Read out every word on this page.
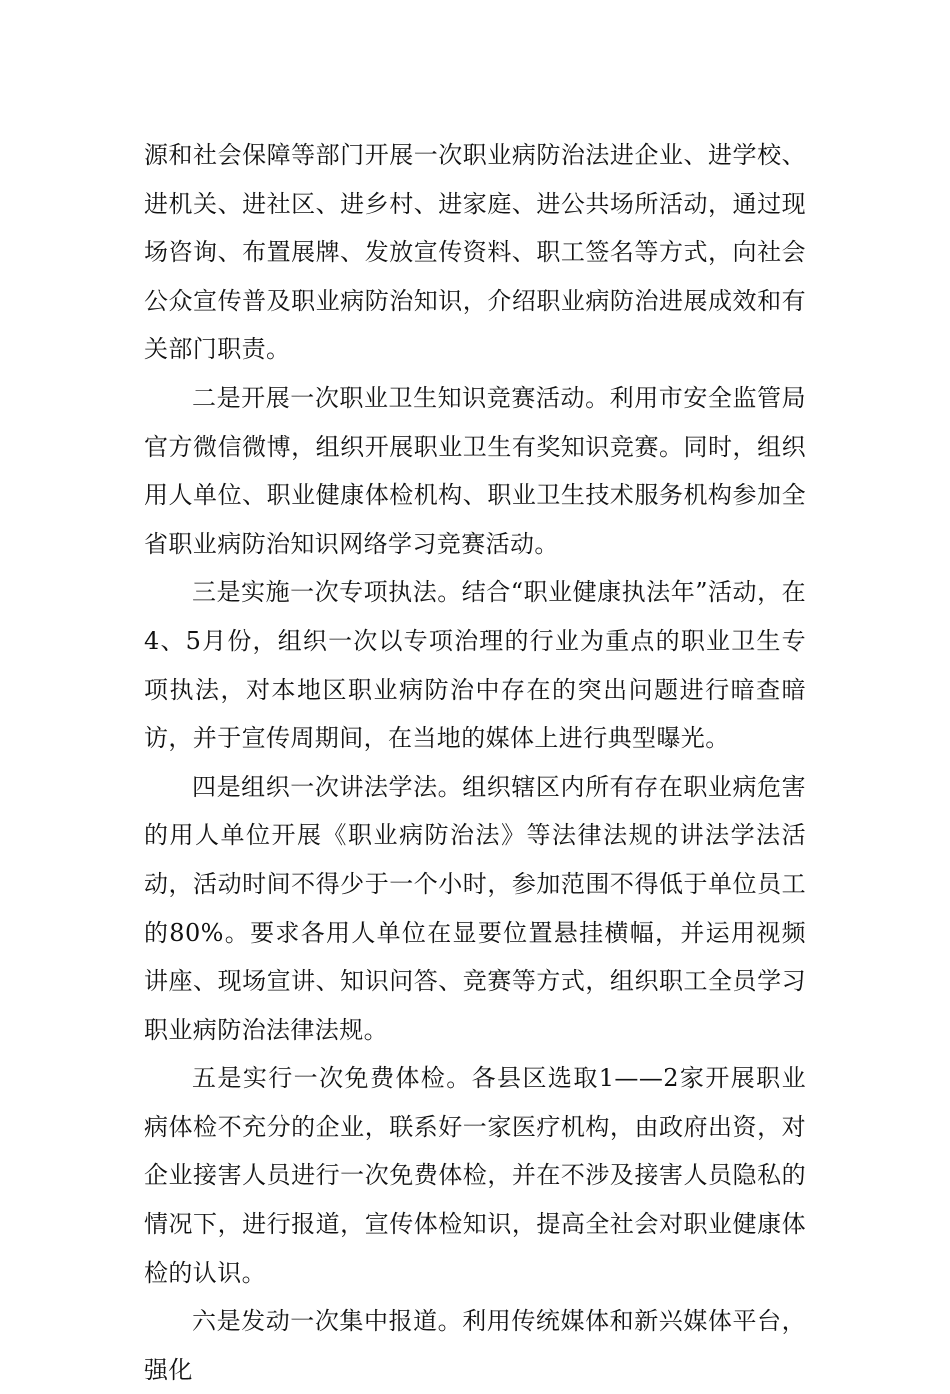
源和社会保障等部门开展一次职业病防治法进企业、进学校、进机关、进社区、进乡村、进家庭、进公共场所活动，通过现场咨询、布置展牌、发放宣传资料、职工签名等方式，向社会公众宣传普及职业病防治知识，介绍职业病防治进展成效和有关部门职责。

二是开展一次职业卫生知识竞赛活动。利用市安全监管局官方微信微博，组织开展职业卫生有奖知识竞赛。同时，组织用人单位、职业健康体检机构、职业卫生技术服务机构参加全省职业病防治知识网络学习竞赛活动。

三是实施一次专项执法。结合“职业健康执法年”活动，在4、5月份，组织一次以专项治理的行业为重点的职业卫生专项执法，对本地区职业病防治中存在的突出问题进行暗查暗访，并于宣传周期间，在当地的媒体上进行典型曝光。

四是组织一次讲法学法。组织辖区内所有存在职业病危害的用人单位开展《职业病防治法》等法律法规的讲法学法活动，活动时间不得少于一个小时，参加范围不得低于单位员工的80%。要求各用人单位在显要位置悬挂横幅，并运用视频讲座、现场宣讲、知识问答、竞赛等方式，组织职工全员学习职业病防治法律法规。

五是实行一次免费体检。各县区选取1——2家开展职业病体检不充分的企业，联系好一家医疗机构，由政府出资，对企业接害人员进行一次免费体检，并在不涉及接害人员隐私的情况下，进行报道，宣传体检知识，提高全社会对职业健康体检的认识。

六是发动一次集中报道。利用传统媒体和新兴媒体平台，强化
